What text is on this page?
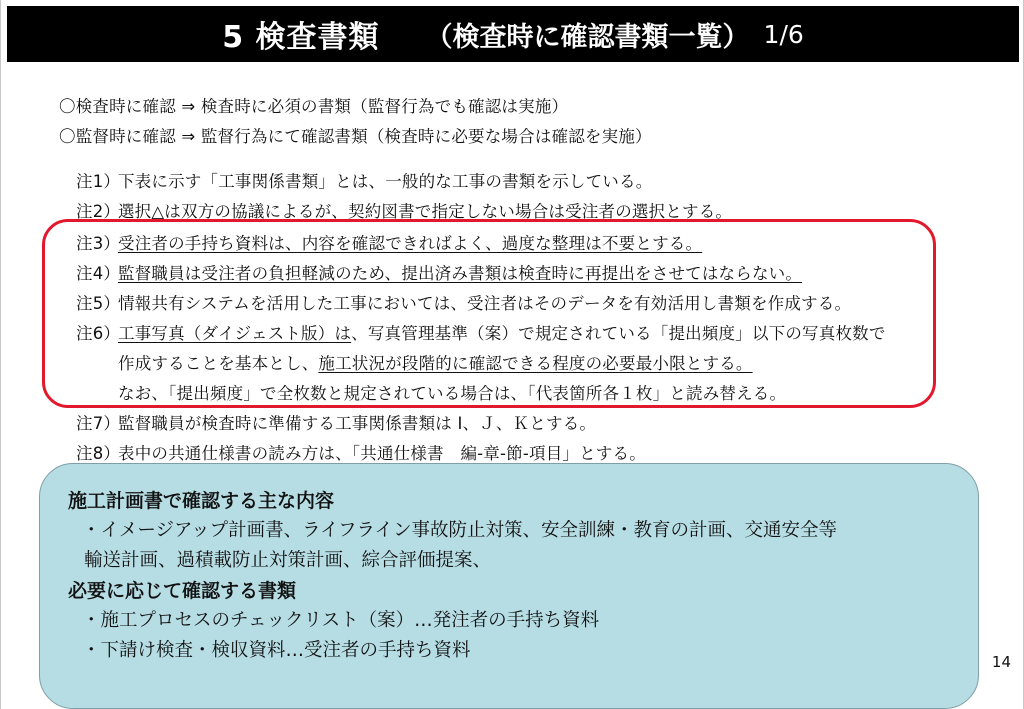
5 検査書類 （検査時に確認書類一覧） 1/6
〇検査時に確認 ⇒ 検査時に必須の書類（監督行為でも確認は実施）
〇監督時に確認 ⇒ 監督行為にて確認書類（検査時に必要な場合は確認を実施）
注1）下表に示す「工事関係書類」とは、一般的な工事の書類を示している。
注2）選択△は双方の協議によるが、契約図書で指定しない場合は受注者の選択とする。
注3）受注者の手持ち資料は、内容を確認できればよく、過度な整理は不要とする。
注4）監督職員は受注者の負担軽減のため、提出済み書類は検査時に再提出をさせてはならない。
注5）情報共有システムを活用した工事においては、受注者はそのデータを有効活用し書類を作成する。
注6）工事写真（ダイジェスト版）は、写真管理基準（案）で規定されている「提出頻度」以下の写真枚数で
作成することを基本とし、施工状況が段階的に確認できる程度の必要最小限とする。
なお、「提出頻度」で全枚数と規定されている場合は、「代表箇所各１枚」と読み替える。
注7）監督職員が検査時に準備する工事関係書類は Ⅰ、Ｊ、Ｋとする。
注8）表中の共通仕様書の読み方は、「共通仕様書　編-章-節-項目」とする。
施工計画書で確認する主な内容
・イメージアップ計画書、ライフライン事故防止対策、安全訓練・教育の計画、交通安全等
輸送計画、過積載防止対策計画、綜合評価提案、
必要に応じて確認する書類
・施工プロセスのチェックリスト（案）…発注者の手持ち資料
・下請け検査・検収資料…受注者の手持ち資料
14
